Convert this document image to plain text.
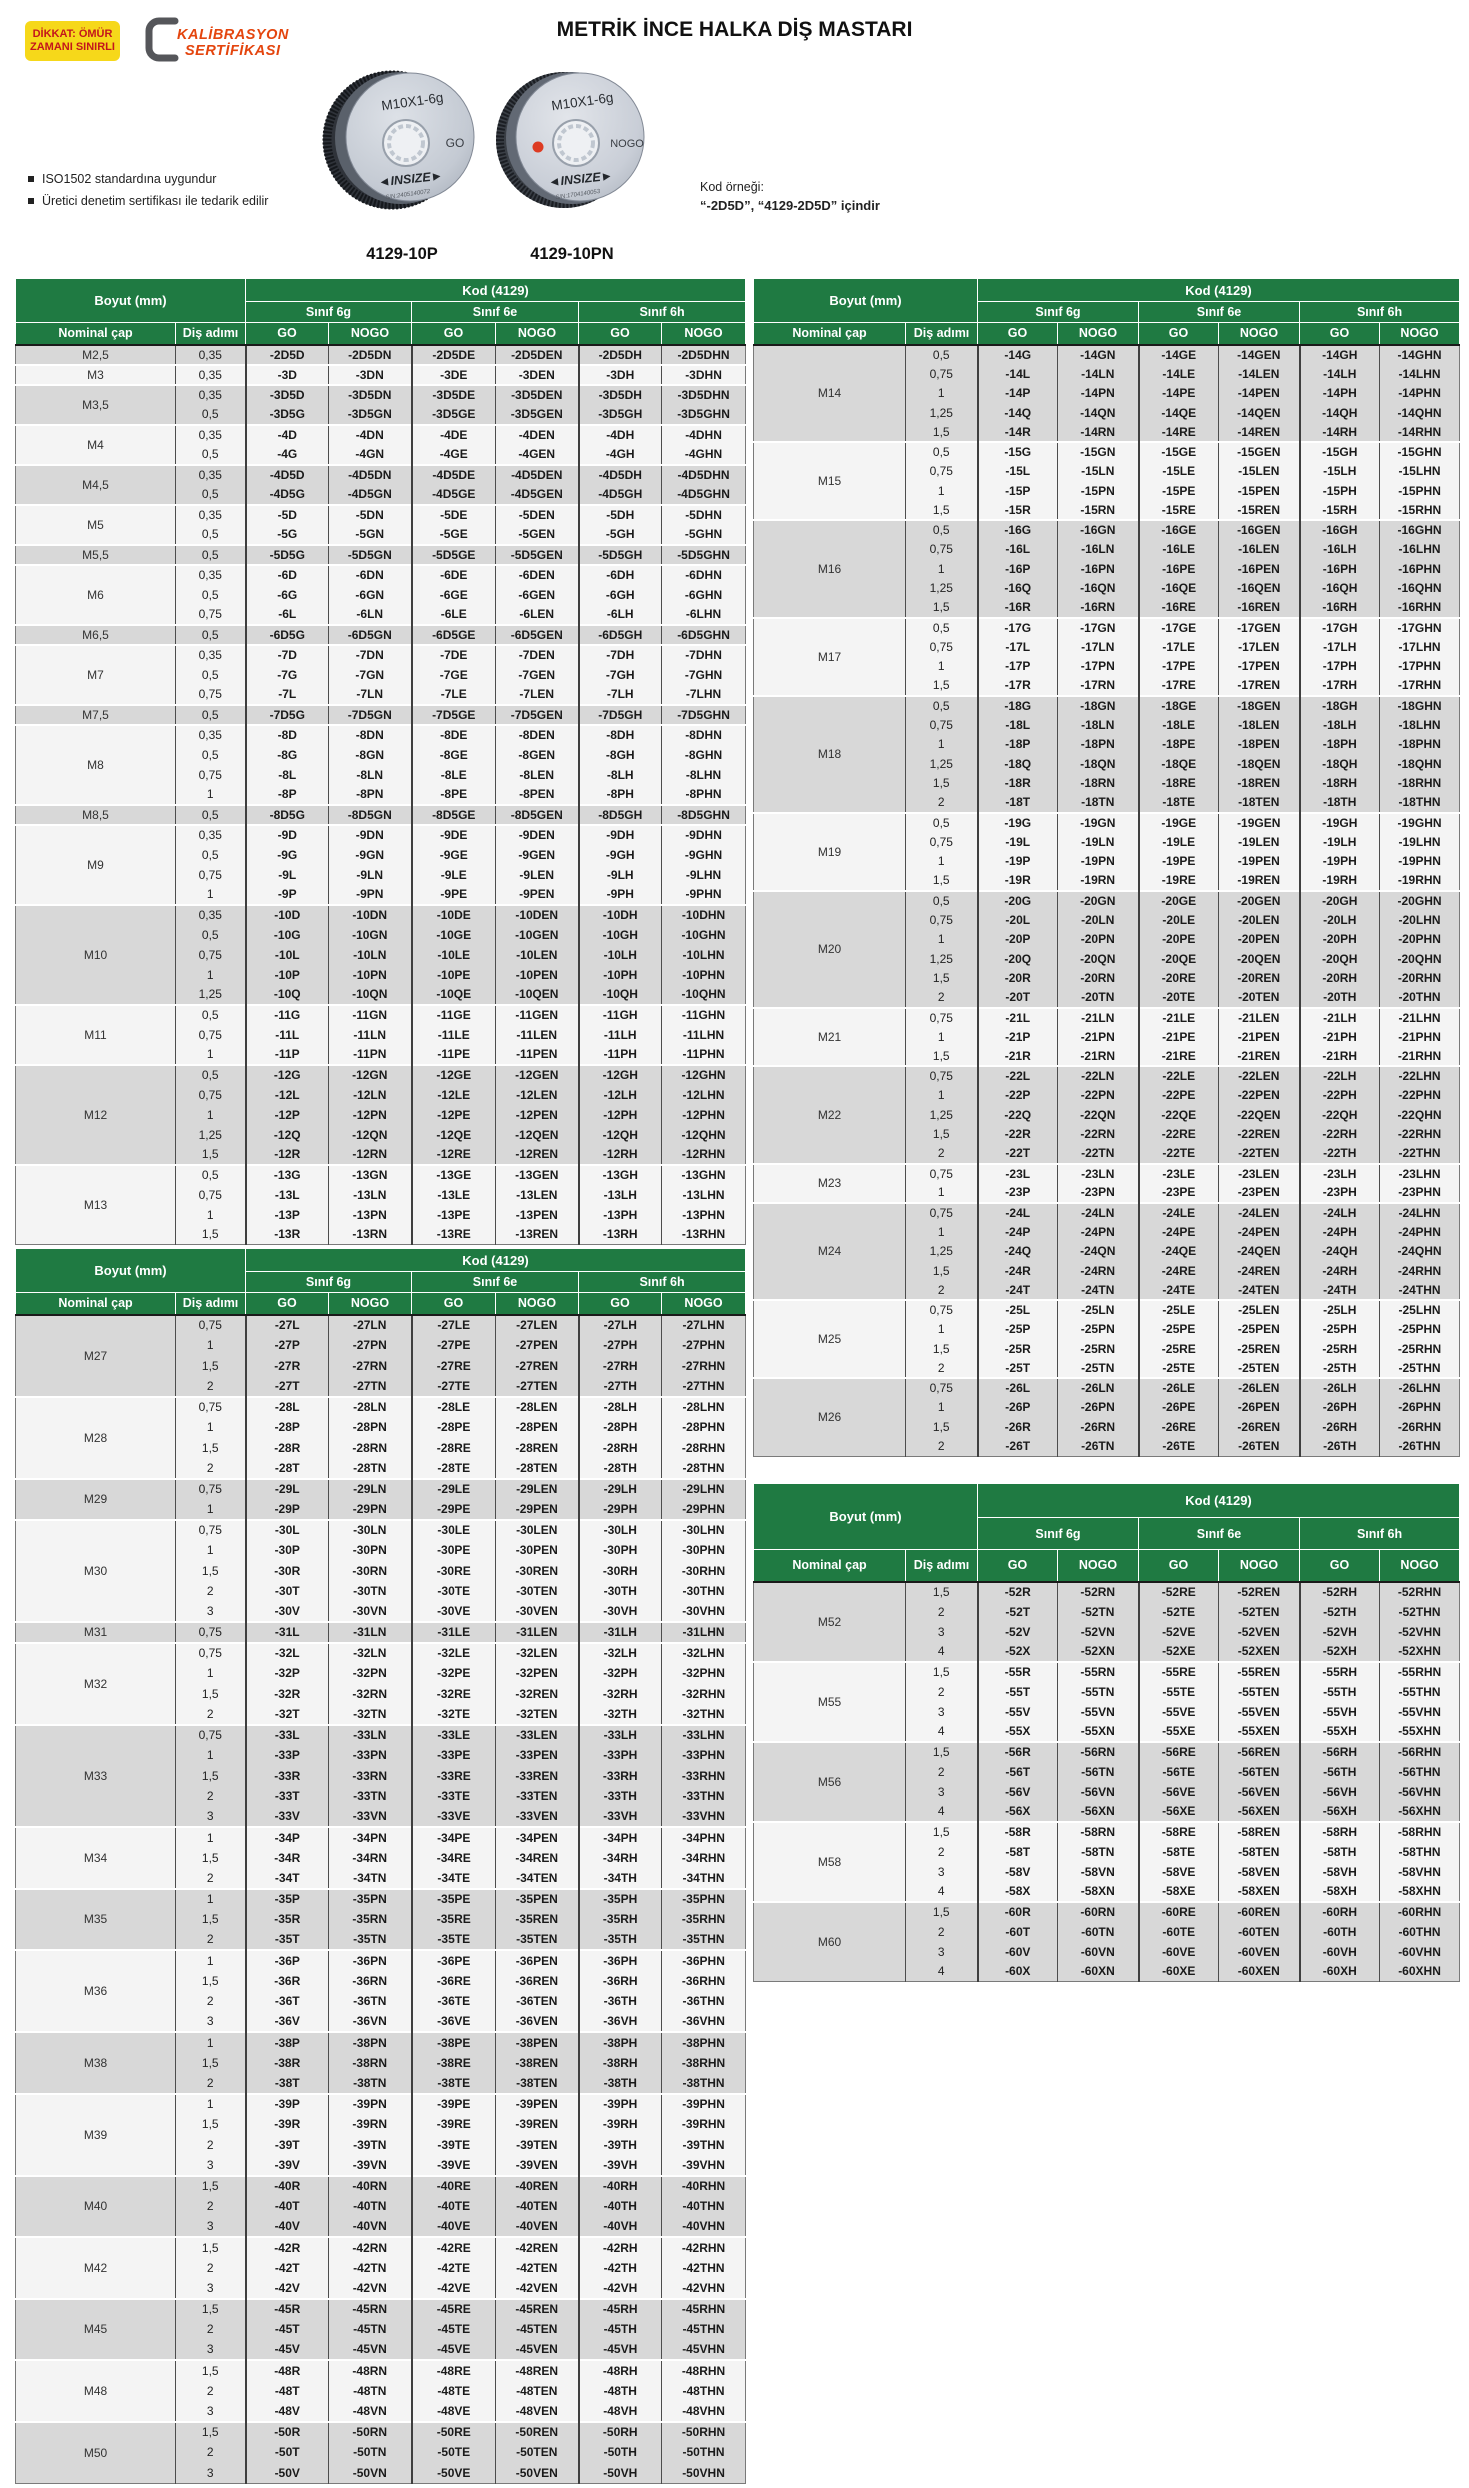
DİKKAT: ÖMÜR
ZAMANI SINIRLI
KALİBRASYON
SERTİFİKASI
METRİK İNCE HALKA DİŞ MASTARI
M10X1-6g
GO
◄INSIZE►
S/N:2405140072
M10X1-6g
NOGO
◄INSIZE►
S/N:1704140053
4129-10P	4129-10PN
ISO1502 standardına uygundur
Üretici denetim sertifikası ile tedarik edilir
Kod örneği:
“-2D5D”, “4129-2D5D” içindir
Boyut (mm)		Kod (4129)					
		Sınıf 6g		Sınıf 6e		Sınıf 6h	
Nominal çap	Diş adımı	GO	NOGO	GO	NOGO	GO	NOGO
M2,5	0,35	-2D5D	-2D5DN	-2D5DE	-2D5DEN	-2D5DH	-2D5DHN
M3	0,35	-3D	-3DN	-3DE	-3DEN	-3DH	-3DHN
M3,5	0,35	-3D5D	-3D5DN	-3D5DE	-3D5DEN	-3D5DH	-3D5DHN
	0,5	-3D5G	-3D5GN	-3D5GE	-3D5GEN	-3D5GH	-3D5GHN
M4	0,35	-4D	-4DN	-4DE	-4DEN	-4DH	-4DHN
	0,5	-4G	-4GN	-4GE	-4GEN	-4GH	-4GHN
M4,5	0,35	-4D5D	-4D5DN	-4D5DE	-4D5DEN	-4D5DH	-4D5DHN
	0,5	-4D5G	-4D5GN	-4D5GE	-4D5GEN	-4D5GH	-4D5GHN
M5	0,35	-5D	-5DN	-5DE	-5DEN	-5DH	-5DHN
	0,5	-5G	-5GN	-5GE	-5GEN	-5GH	-5GHN
M5,5	0,5	-5D5G	-5D5GN	-5D5GE	-5D5GEN	-5D5GH	-5D5GHN
M6	0,35	-6D	-6DN	-6DE	-6DEN	-6DH	-6DHN
	0,5	-6G	-6GN	-6GE	-6GEN	-6GH	-6GHN
	0,75	-6L	-6LN	-6LE	-6LEN	-6LH	-6LHN
M6,5	0,5	-6D5G	-6D5GN	-6D5GE	-6D5GEN	-6D5GH	-6D5GHN
M7	0,35	-7D	-7DN	-7DE	-7DEN	-7DH	-7DHN
	0,5	-7G	-7GN	-7GE	-7GEN	-7GH	-7GHN
	0,75	-7L	-7LN	-7LE	-7LEN	-7LH	-7LHN
M7,5	0,5	-7D5G	-7D5GN	-7D5GE	-7D5GEN	-7D5GH	-7D5GHN
M8	0,35	-8D	-8DN	-8DE	-8DEN	-8DH	-8DHN
	0,5	-8G	-8GN	-8GE	-8GEN	-8GH	-8GHN
	0,75	-8L	-8LN	-8LE	-8LEN	-8LH	-8LHN
	1	-8P	-8PN	-8PE	-8PEN	-8PH	-8PHN
M8,5	0,5	-8D5G	-8D5GN	-8D5GE	-8D5GEN	-8D5GH	-8D5GHN
M9	0,35	-9D	-9DN	-9DE	-9DEN	-9DH	-9DHN
	0,5	-9G	-9GN	-9GE	-9GEN	-9GH	-9GHN
	0,75	-9L	-9LN	-9LE	-9LEN	-9LH	-9LHN
	1	-9P	-9PN	-9PE	-9PEN	-9PH	-9PHN
M10	0,35	-10D	-10DN	-10DE	-10DEN	-10DH	-10DHN
	0,5	-10G	-10GN	-10GE	-10GEN	-10GH	-10GHN
	0,75	-10L	-10LN	-10LE	-10LEN	-10LH	-10LHN
	1	-10P	-10PN	-10PE	-10PEN	-10PH	-10PHN
	1,25	-10Q	-10QN	-10QE	-10QEN	-10QH	-10QHN
M11	0,5	-11G	-11GN	-11GE	-11GEN	-11GH	-11GHN
	0,75	-11L	-11LN	-11LE	-11LEN	-11LH	-11LHN
	1	-11P	-11PN	-11PE	-11PEN	-11PH	-11PHN
M12	0,5	-12G	-12GN	-12GE	-12GEN	-12GH	-12GHN
	0,75	-12L	-12LN	-12LE	-12LEN	-12LH	-12LHN
	1	-12P	-12PN	-12PE	-12PEN	-12PH	-12PHN
	1,25	-12Q	-12QN	-12QE	-12QEN	-12QH	-12QHN
	1,5	-12R	-12RN	-12RE	-12REN	-12RH	-12RHN
M13	0,5	-13G	-13GN	-13GE	-13GEN	-13GH	-13GHN
	0,75	-13L	-13LN	-13LE	-13LEN	-13LH	-13LHN
	1	-13P	-13PN	-13PE	-13PEN	-13PH	-13PHN
	1,5	-13R	-13RN	-13RE	-13REN	-13RH	-13RHN
Boyut (mm)		Kod (4129)					
		Sınıf 6g		Sınıf 6e		Sınıf 6h	
Nominal çap	Diş adımı	GO	NOGO	GO	NOGO	GO	NOGO
M14	0,5	-14G	-14GN	-14GE	-14GEN	-14GH	-14GHN
	0,75	-14L	-14LN	-14LE	-14LEN	-14LH	-14LHN
	1	-14P	-14PN	-14PE	-14PEN	-14PH	-14PHN
	1,25	-14Q	-14QN	-14QE	-14QEN	-14QH	-14QHN
	1,5	-14R	-14RN	-14RE	-14REN	-14RH	-14RHN
M15	0,5	-15G	-15GN	-15GE	-15GEN	-15GH	-15GHN
	0,75	-15L	-15LN	-15LE	-15LEN	-15LH	-15LHN
	1	-15P	-15PN	-15PE	-15PEN	-15PH	-15PHN
	1,5	-15R	-15RN	-15RE	-15REN	-15RH	-15RHN
M16	0,5	-16G	-16GN	-16GE	-16GEN	-16GH	-16GHN
	0,75	-16L	-16LN	-16LE	-16LEN	-16LH	-16LHN
	1	-16P	-16PN	-16PE	-16PEN	-16PH	-16PHN
	1,25	-16Q	-16QN	-16QE	-16QEN	-16QH	-16QHN
	1,5	-16R	-16RN	-16RE	-16REN	-16RH	-16RHN
M17	0,5	-17G	-17GN	-17GE	-17GEN	-17GH	-17GHN
	0,75	-17L	-17LN	-17LE	-17LEN	-17LH	-17LHN
	1	-17P	-17PN	-17PE	-17PEN	-17PH	-17PHN
	1,5	-17R	-17RN	-17RE	-17REN	-17RH	-17RHN
M18	0,5	-18G	-18GN	-18GE	-18GEN	-18GH	-18GHN
	0,75	-18L	-18LN	-18LE	-18LEN	-18LH	-18LHN
	1	-18P	-18PN	-18PE	-18PEN	-18PH	-18PHN
	1,25	-18Q	-18QN	-18QE	-18QEN	-18QH	-18QHN
	1,5	-18R	-18RN	-18RE	-18REN	-18RH	-18RHN
	2	-18T	-18TN	-18TE	-18TEN	-18TH	-18THN
M19	0,5	-19G	-19GN	-19GE	-19GEN	-19GH	-19GHN
	0,75	-19L	-19LN	-19LE	-19LEN	-19LH	-19LHN
	1	-19P	-19PN	-19PE	-19PEN	-19PH	-19PHN
	1,5	-19R	-19RN	-19RE	-19REN	-19RH	-19RHN
M20	0,5	-20G	-20GN	-20GE	-20GEN	-20GH	-20GHN
	0,75	-20L	-20LN	-20LE	-20LEN	-20LH	-20LHN
	1	-20P	-20PN	-20PE	-20PEN	-20PH	-20PHN
	1,25	-20Q	-20QN	-20QE	-20QEN	-20QH	-20QHN
	1,5	-20R	-20RN	-20RE	-20REN	-20RH	-20RHN
	2	-20T	-20TN	-20TE	-20TEN	-20TH	-20THN
M21	0,75	-21L	-21LN	-21LE	-21LEN	-21LH	-21LHN
	1	-21P	-21PN	-21PE	-21PEN	-21PH	-21PHN
	1,5	-21R	-21RN	-21RE	-21REN	-21RH	-21RHN
M22	0,75	-22L	-22LN	-22LE	-22LEN	-22LH	-22LHN
	1	-22P	-22PN	-22PE	-22PEN	-22PH	-22PHN
	1,25	-22Q	-22QN	-22QE	-22QEN	-22QH	-22QHN
	1,5	-22R	-22RN	-22RE	-22REN	-22RH	-22RHN
	2	-22T	-22TN	-22TE	-22TEN	-22TH	-22THN
M23	0,75	-23L	-23LN	-23LE	-23LEN	-23LH	-23LHN
	1	-23P	-23PN	-23PE	-23PEN	-23PH	-23PHN
M24	0,75	-24L	-24LN	-24LE	-24LEN	-24LH	-24LHN
	1	-24P	-24PN	-24PE	-24PEN	-24PH	-24PHN
	1,25	-24Q	-24QN	-24QE	-24QEN	-24QH	-24QHN
	1,5	-24R	-24RN	-24RE	-24REN	-24RH	-24RHN
	2	-24T	-24TN	-24TE	-24TEN	-24TH	-24THN
M25	0,75	-25L	-25LN	-25LE	-25LEN	-25LH	-25LHN
	1	-25P	-25PN	-25PE	-25PEN	-25PH	-25PHN
	1,5	-25R	-25RN	-25RE	-25REN	-25RH	-25RHN
	2	-25T	-25TN	-25TE	-25TEN	-25TH	-25THN
M26	0,75	-26L	-26LN	-26LE	-26LEN	-26LH	-26LHN
	1	-26P	-26PN	-26PE	-26PEN	-26PH	-26PHN
	1,5	-26R	-26RN	-26RE	-26REN	-26RH	-26RHN
	2	-26T	-26TN	-26TE	-26TEN	-26TH	-26THN
Boyut (mm)		Kod (4129)					
		Sınıf 6g		Sınıf 6e		Sınıf 6h	
Nominal çap	Diş adımı	GO	NOGO	GO	NOGO	GO	NOGO
M27	0,75	-27L	-27LN	-27LE	-27LEN	-27LH	-27LHN
	1	-27P	-27PN	-27PE	-27PEN	-27PH	-27PHN
	1,5	-27R	-27RN	-27RE	-27REN	-27RH	-27RHN
	2	-27T	-27TN	-27TE	-27TEN	-27TH	-27THN
M28	0,75	-28L	-28LN	-28LE	-28LEN	-28LH	-28LHN
	1	-28P	-28PN	-28PE	-28PEN	-28PH	-28PHN
	1,5	-28R	-28RN	-28RE	-28REN	-28RH	-28RHN
	2	-28T	-28TN	-28TE	-28TEN	-28TH	-28THN
M29	0,75	-29L	-29LN	-29LE	-29LEN	-29LH	-29LHN
	1	-29P	-29PN	-29PE	-29PEN	-29PH	-29PHN
M30	0,75	-30L	-30LN	-30LE	-30LEN	-30LH	-30LHN
	1	-30P	-30PN	-30PE	-30PEN	-30PH	-30PHN
	1,5	-30R	-30RN	-30RE	-30REN	-30RH	-30RHN
	2	-30T	-30TN	-30TE	-30TEN	-30TH	-30THN
	3	-30V	-30VN	-30VE	-30VEN	-30VH	-30VHN
M31	0,75	-31L	-31LN	-31LE	-31LEN	-31LH	-31LHN
M32	0,75	-32L	-32LN	-32LE	-32LEN	-32LH	-32LHN
	1	-32P	-32PN	-32PE	-32PEN	-32PH	-32PHN
	1,5	-32R	-32RN	-32RE	-32REN	-32RH	-32RHN
	2	-32T	-32TN	-32TE	-32TEN	-32TH	-32THN
M33	0,75	-33L	-33LN	-33LE	-33LEN	-33LH	-33LHN
	1	-33P	-33PN	-33PE	-33PEN	-33PH	-33PHN
	1,5	-33R	-33RN	-33RE	-33REN	-33RH	-33RHN
	2	-33T	-33TN	-33TE	-33TEN	-33TH	-33THN
	3	-33V	-33VN	-33VE	-33VEN	-33VH	-33VHN
M34	1	-34P	-34PN	-34PE	-34PEN	-34PH	-34PHN
	1,5	-34R	-34RN	-34RE	-34REN	-34RH	-34RHN
	2	-34T	-34TN	-34TE	-34TEN	-34TH	-34THN
M35	1	-35P	-35PN	-35PE	-35PEN	-35PH	-35PHN
	1,5	-35R	-35RN	-35RE	-35REN	-35RH	-35RHN
	2	-35T	-35TN	-35TE	-35TEN	-35TH	-35THN
M36	1	-36P	-36PN	-36PE	-36PEN	-36PH	-36PHN
	1,5	-36R	-36RN	-36RE	-36REN	-36RH	-36RHN
	2	-36T	-36TN	-36TE	-36TEN	-36TH	-36THN
	3	-36V	-36VN	-36VE	-36VEN	-36VH	-36VHN
M38	1	-38P	-38PN	-38PE	-38PEN	-38PH	-38PHN
	1,5	-38R	-38RN	-38RE	-38REN	-38RH	-38RHN
	2	-38T	-38TN	-38TE	-38TEN	-38TH	-38THN
M39	1	-39P	-39PN	-39PE	-39PEN	-39PH	-39PHN
	1,5	-39R	-39RN	-39RE	-39REN	-39RH	-39RHN
	2	-39T	-39TN	-39TE	-39TEN	-39TH	-39THN
	3	-39V	-39VN	-39VE	-39VEN	-39VH	-39VHN
M40	1,5	-40R	-40RN	-40RE	-40REN	-40RH	-40RHN
	2	-40T	-40TN	-40TE	-40TEN	-40TH	-40THN
	3	-40V	-40VN	-40VE	-40VEN	-40VH	-40VHN
M42	1,5	-42R	-42RN	-42RE	-42REN	-42RH	-42RHN
	2	-42T	-42TN	-42TE	-42TEN	-42TH	-42THN
	3	-42V	-42VN	-42VE	-42VEN	-42VH	-42VHN
M45	1,5	-45R	-45RN	-45RE	-45REN	-45RH	-45RHN
	2	-45T	-45TN	-45TE	-45TEN	-45TH	-45THN
	3	-45V	-45VN	-45VE	-45VEN	-45VH	-45VHN
M48	1,5	-48R	-48RN	-48RE	-48REN	-48RH	-48RHN
	2	-48T	-48TN	-48TE	-48TEN	-48TH	-48THN
	3	-48V	-48VN	-48VE	-48VEN	-48VH	-48VHN
M50	1,5	-50R	-50RN	-50RE	-50REN	-50RH	-50RHN
	2	-50T	-50TN	-50TE	-50TEN	-50TH	-50THN
	3	-50V	-50VN	-50VE	-50VEN	-50VH	-50VHN
Boyut (mm)		Kod (4129)					
		Sınıf 6g		Sınıf 6e		Sınıf 6h	
Nominal çap	Diş adımı	GO	NOGO	GO	NOGO	GO	NOGO
M52	1,5	-52R	-52RN	-52RE	-52REN	-52RH	-52RHN
	2	-52T	-52TN	-52TE	-52TEN	-52TH	-52THN
	3	-52V	-52VN	-52VE	-52VEN	-52VH	-52VHN
	4	-52X	-52XN	-52XE	-52XEN	-52XH	-52XHN
M55	1,5	-55R	-55RN	-55RE	-55REN	-55RH	-55RHN
	2	-55T	-55TN	-55TE	-55TEN	-55TH	-55THN
	3	-55V	-55VN	-55VE	-55VEN	-55VH	-55VHN
	4	-55X	-55XN	-55XE	-55XEN	-55XH	-55XHN
M56	1,5	-56R	-56RN	-56RE	-56REN	-56RH	-56RHN
	2	-56T	-56TN	-56TE	-56TEN	-56TH	-56THN
	3	-56V	-56VN	-56VE	-56VEN	-56VH	-56VHN
	4	-56X	-56XN	-56XE	-56XEN	-56XH	-56XHN
M58	1,5	-58R	-58RN	-58RE	-58REN	-58RH	-58RHN
	2	-58T	-58TN	-58TE	-58TEN	-58TH	-58THN
	3	-58V	-58VN	-58VE	-58VEN	-58VH	-58VHN
	4	-58X	-58XN	-58XE	-58XEN	-58XH	-58XHN
M60	1,5	-60R	-60RN	-60RE	-60REN	-60RH	-60RHN
	2	-60T	-60TN	-60TE	-60TEN	-60TH	-60THN
	3	-60V	-60VN	-60VE	-60VEN	-60VH	-60VHN
	4	-60X	-60XN	-60XE	-60XEN	-60XH	-60XHN
